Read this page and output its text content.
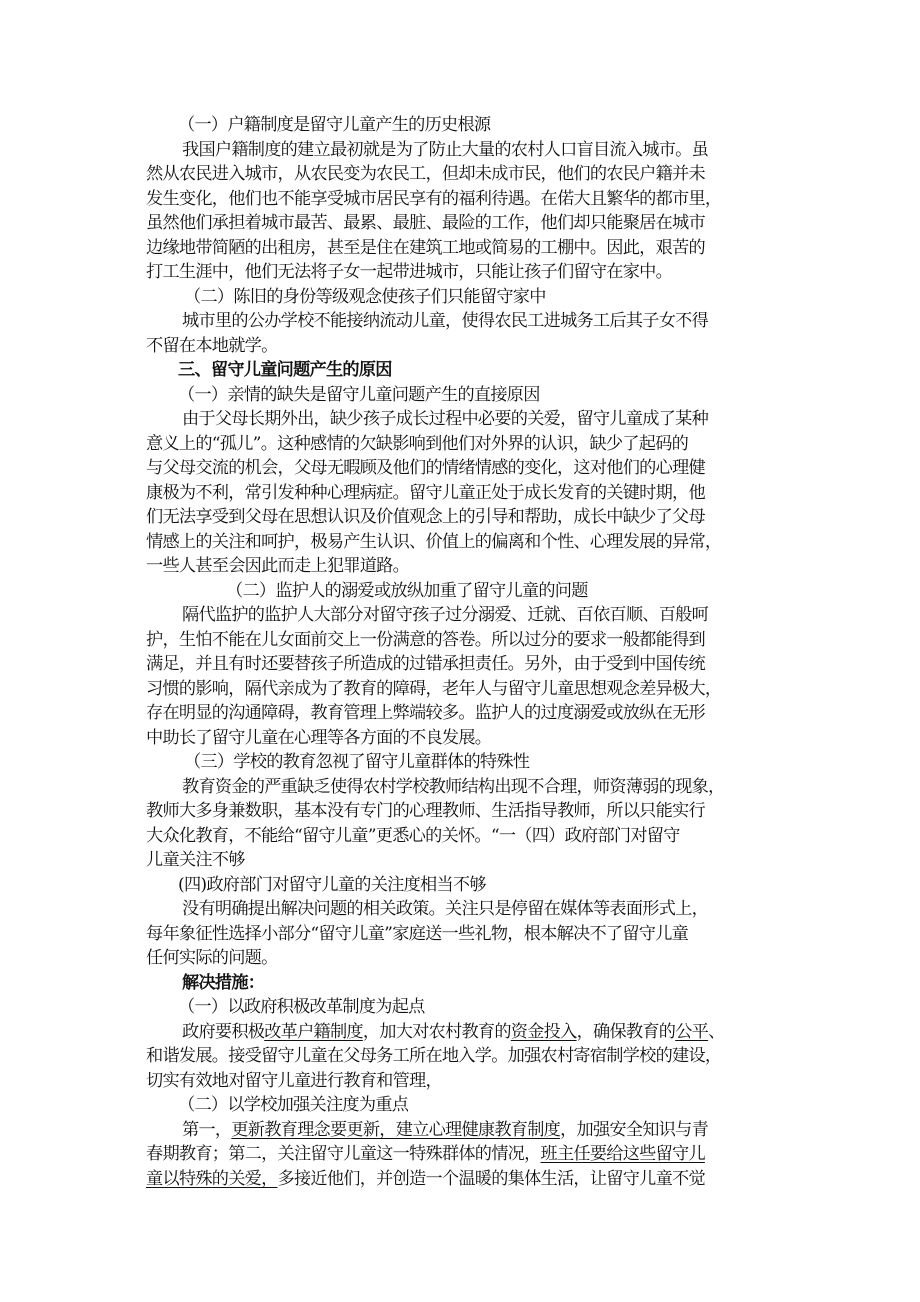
（一）户籍制度是留守儿童产生的历史根源
我国户籍制度的建立最初就是为了防止大量的农村人口盲目流入城市。虽
然从农民进入城市，从农民变为农民工，但却未成市民，他们的农民户籍并未
发生变化，他们也不能享受城市居民享有的福利待遇。在偌大且繁华的都市里，
虽然他们承担着城市最苦、最累、最脏、最险的工作，他们却只能聚居在城市
边缘地带简陋的出租房，甚至是住在建筑工地或简易的工棚中。因此，艰苦的
打工生涯中，他们无法将子女一起带进城市，只能让孩子们留守在家中。
（二）陈旧的身份等级观念使孩子们只能留守家中
城市里的公办学校不能接纳流动儿童，使得农民工进城务工后其子女不得
不留在本地就学。
三、留守儿童问题产生的原因
（一）亲情的缺失是留守儿童问题产生的直接原因
由于父母长期外出，缺少孩子成长过程中必要的关爱，留守儿童成了某种
意义上的“孤儿”。这种感情的欠缺影响到他们对外界的认识，缺少了起码的
与父母交流的机会，父母无暇顾及他们的情绪情感的变化，这对他们的心理健
康极为不利，常引发种种心理病症。留守儿童正处于成长发育的关键时期，他
们无法享受到父母在思想认识及价值观念上的引导和帮助，成长中缺少了父母
情感上的关注和呵护，极易产生认识、价值上的偏离和个性、心理发展的异常，
一些人甚至会因此而走上犯罪道路。
（二）监护人的溺爱或放纵加重了留守儿童的问题
隔代监护的监护人大部分对留守孩子过分溺爱、迁就、百依百顺、百般呵
护，生怕不能在儿女面前交上一份满意的答卷。所以过分的要求一般都能得到
满足，并且有时还要替孩子所造成的过错承担责任。另外，由于受到中国传统
习惯的影响，隔代亲成为了教育的障碍，老年人与留守儿童思想观念差异极大，
存在明显的沟通障碍，教育管理上弊端较多。监护人的过度溺爱或放纵在无形
中助长了留守儿童在心理等各方面的不良发展。
（三）学校的教育忽视了留守儿童群体的特殊性
教育资金的严重缺乏使得农村学校教师结构出现不合理，师资薄弱的现象，
教师大多身兼数职，基本没有专门的心理教师、生活指导教师，所以只能实行
大众化教育，不能给“留守儿童”更悉心的关怀。“一（四）政府部门对留守
儿童关注不够
(四)政府部门对留守儿童的关注度相当不够
没有明确提出解决问题的相关政策。关注只是停留在媒体等表面形式上，
每年象征性选择小部分“留守儿童”家庭送一些礼物，根本解决不了留守儿童
任何实际的问题。
解决措施：
（一）以政府积极改革制度为起点
政府要积极改革户籍制度，加大对农村教育的资金投入，确保教育的公平、
和谐发展。接受留守儿童在父母务工所在地入学。加强农村寄宿制学校的建设，
切实有效地对留守儿童进行教育和管理，
（二）以学校加强关注度为重点
第一，更新教育理念要更新，建立心理健康教育制度，加强安全知识与青
春期教育；第二，关注留守儿童这一特殊群体的情况，班主任要给这些留守儿
童以特殊的关爱，多接近他们，并创造一个温暖的集体生活，让留守儿童不觉
